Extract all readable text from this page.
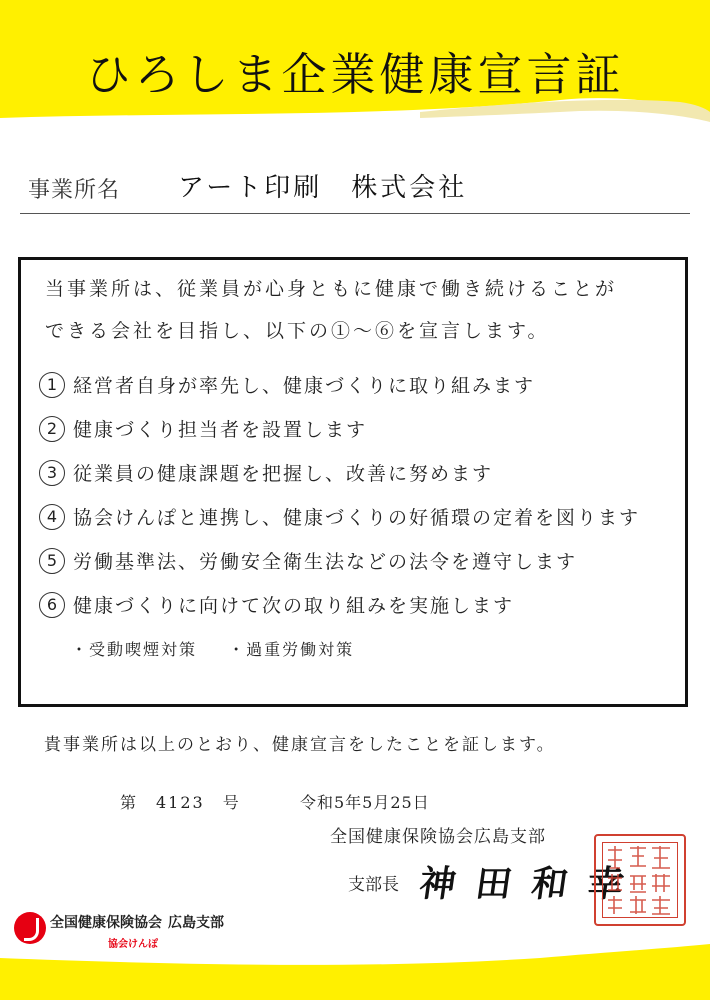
ひろしま企業健康宣言証
事業所名	アート印刷　株式会社
当事業所は、従業員が心身ともに健康で働き続けることが
できる会社を目指し、以下の①～⑥を宣言します。
1 経営者自身が率先し、健康づくりに取り組みます
2 健康づくり担当者を設置します
3 従業員の健康課題を把握し、改善に努めます
4 協会けんぽと連携し、健康づくりの好循環の定着を図ります
5 労働基準法、労働安全衛生法などの法令を遵守します
6 健康づくりに向けて次の取り組みを実施します
・受動喫煙対策 ・過重労働対策
貴事業所は以上のとおり、健康宣言をしたことを証します。
第　4123　号	令和5年5月25日
全国健康保険協会広島支部
支部長 神田和幸
全国健康保険協会 広島支部
協会けんぽ
